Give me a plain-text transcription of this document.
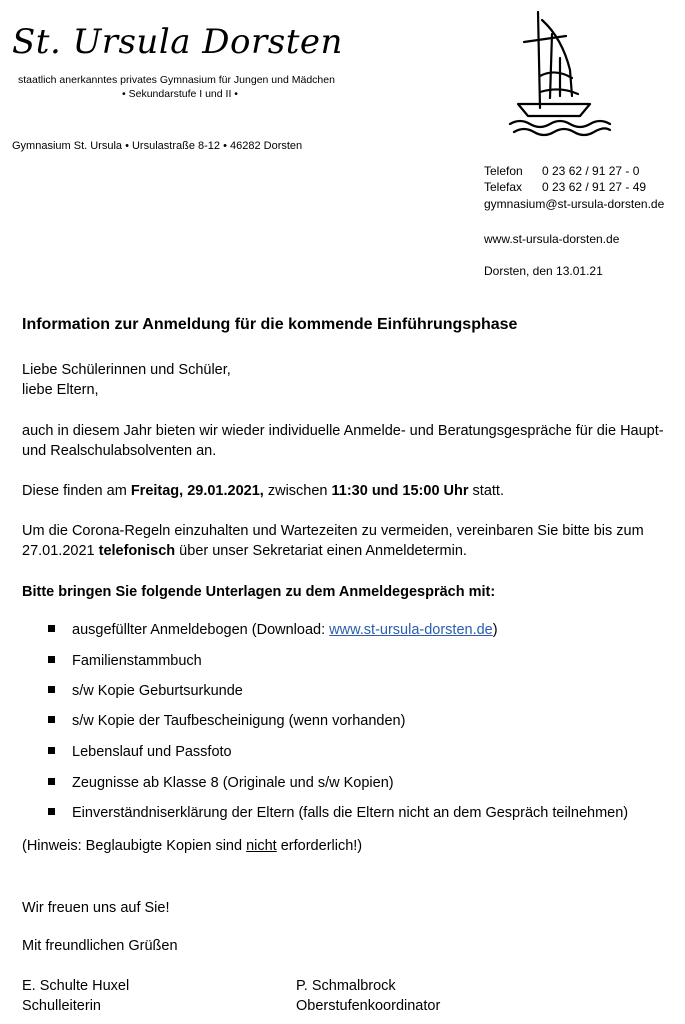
St. Ursula Dorsten
staatlich anerkanntes privates Gymnasium für Jungen und Mädchen
• Sekundarstufe I und II •
Gymnasium St. Ursula • Ursulastraße 8-12 • 46282 Dorsten
Telefon 0 23 62 / 91 27 - 0
Telefax 0 23 62 / 91 27 - 49
gymnasium@st-ursula-dorsten.de
www.st-ursula-dorsten.de
Dorsten, den 13.01.21
Information zur Anmeldung für die kommende Einführungsphase
Liebe Schülerinnen und Schüler,
liebe Eltern,
auch in diesem Jahr bieten wir wieder individuelle Anmelde- und Beratungsgespräche für die Haupt- und Realschulabsolventen an.
Diese finden am Freitag, 29.01.2021, zwischen 11:30 und 15:00 Uhr statt.
Um die Corona-Regeln einzuhalten und Wartezeiten zu vermeiden, vereinbaren Sie bitte bis zum 27.01.2021 telefonisch über unser Sekretariat einen Anmeldetermin.
Bitte bringen Sie folgende Unterlagen zu dem Anmeldegespräch mit:
ausgefüllter Anmeldebogen (Download: www.st-ursula-dorsten.de)
Familienstammbuch
s/w Kopie Geburtsurkunde
s/w Kopie der Taufbescheinigung (wenn vorhanden)
Lebenslauf und Passfoto
Zeugnisse ab Klasse 8 (Originale und s/w Kopien)
Einverständniserklärung der Eltern (falls die Eltern nicht an dem Gespräch teilnehmen)
(Hinweis: Beglaubigte Kopien sind nicht erforderlich!)
Wir freuen uns auf Sie!
Mit freundlichen Grüßen
E. Schulte Huxel
Schulleiterin
P. Schmalbrock
Oberstufenkoordinator
